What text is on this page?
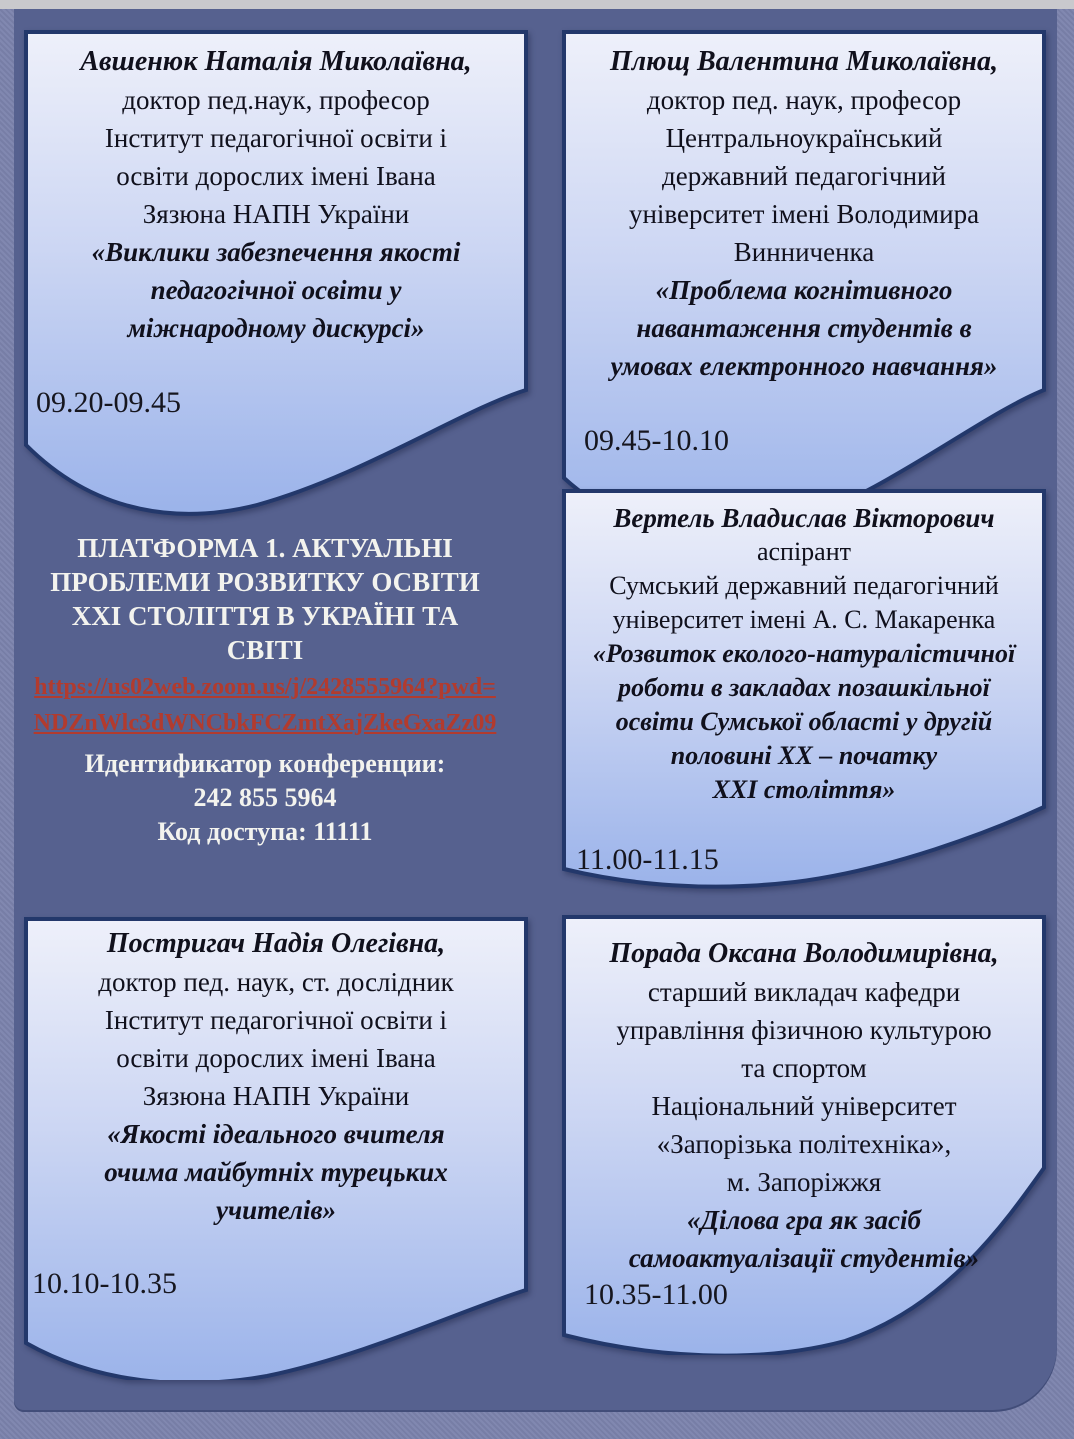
Авшенюк Наталія Миколаївна,

доктор пед.наук, професор

Інститут педагогічної освіти і

освіти дорослих імені Івана

Зязюна НАПН України

«Виклики забезпечення якості

педагогічної освіти у

міжнародному дискурсі»

09.20-09.45

Плющ Валентина Миколаївна,

доктор пед. наук, професор

Центральноукраїнський

державний педагогічний

університет імені Володимира

Винниченка

«Проблема когнітивного

навантаження студентів в

умовах електронного навчання»

09.45-10.10

ПЛАТФОРМА 1. АКТУАЛЬНІ

ПРОБЛЕМИ РОЗВИТКУ ОСВІТИ

XXI СТОЛІТТЯ В УКРАЇНІ ТА

СВІТІ

https://us02web.zoom.us/j/2428555964?pwd=NDZnWlc3dWNCbkFCZmtXajZkeGxaZz09

Идентификатор конференции:

242 855 5964

Код доступа: 11111

Вертель Владислав Вікторович

аспірант

Сумський державний педагогічний

університет імені А. С. Макаренка

«Розвиток еколого-натуралістичної

роботи в закладах позашкільної

освіти Сумської області у другій

половині XX – початку

XXI століття»

11.00-11.15

Постригач Надія Олегівна,

доктор пед. наук, ст. дослідник

Інститут педагогічної освіти і

освіти дорослих імені Івана

Зязюна НАПН України

«Якості ідеального вчителя

очима майбутніх турецьких

учителів»

10.10-10.35

Порада Оксана Володимирівна,

старший викладач кафедри

управління фізичною культурою

та спортом

Національний університет

«Запорізька політехніка»,

м. Запоріжжя

«Ділова гра як засіб

самоактуалізації студентів»

10.35-11.00
